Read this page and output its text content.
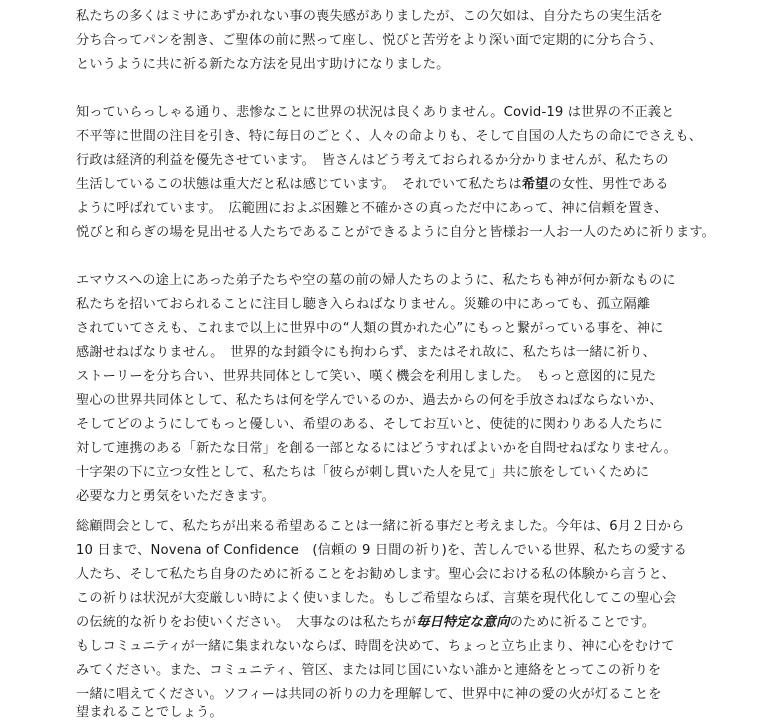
私たちの多くはミサにあずかれない事の喪失感がありましたが、この欠如は、自分たちの実生活を
分ち合ってパンを割き、ご聖体の前に黙って座し、悦びと苦労をより深い面で定期的に分ち合う、
というように共に祈る新たな方法を見出す助けになりました。
知っていらっしゃる通り、悲惨なことに世界の状況は良くありません。Covid-19 は世界の不正義と
不平等に世間の注目を引き、特に毎日のごとく、人々の命よりも、そして自国の人たちの命にでさえも、
行政は経済的利益を優先させています。　皆さんはどう考えておられるか分かりませんが、私たちの
生活しているこの状態は重大だと私は感じています。　それでいて私たちは希望の女性、男性である
ように呼ばれています。　広範囲におよぶ困難と不確かさの真っただ中にあって、神に信頼を置き、
悦びと和らぎの場を見出せる人たちであることができるように自分と皆様お一人お一人のために祈ります。
エマウスへの途上にあった弟子たちや空の墓の前の婦人たちのように、私たちも神が何か新なものに
私たちを招いておられることに注目し聴き入らねばなりません。災難の中にあっても、孤立隔離
されていてさえも、これまで以上に世界中の“人類の貫かれた心”にもっと繋がっている事を、神に
感謝せねばなりません。　世界的な封鎖令にも拘わらず、またはそれ故に、私たちは一緒に祈り、
ストーリーを分ち合い、世界共同体として笑い、嘆く機会を利用しました。　もっと意図的に見た
聖心の世界共同体として、私たちは何を学んでいるのか、過去からの何を手放さねばならないか、
そしてどのようにしてもっと優しい、希望のある、そしてお互いと、使徒的に関わりある人たちに
対して連携のある「新たな日常」を創る一部となるにはどうすればよいかを自問せねばなりません。
十字架の下に立つ女性として、私たちは「彼らが刺し貫いた人を見て」共に旅をしていくために
必要な力と勇気をいただきます。
総顧問会として、私たちが出来る希望あることは一緒に祈る事だと考えました。今年は、6月２日から
10 日まで、Novena of Confidence　(信頼の 9 日間の祈り)を、苦しんでいる世界、私たちの愛する
人たち、そして私たち自身のために祈ることをお勧めします。聖心会における私の体験から言うと、
この祈りは状況が大変厳しい時によく使いました。もしご希望ならば、言葉を現代化してこの聖心会
の伝統的な祈りをお使いください。　大事なのは私たちが毎日特定な意向のために祈ることです。
もしコミュニティが一緒に集まれないならば、時間を決めて、ちょっと立ち止まり、神に心をむけて
みてください。また、コミュニティ、管区、または同じ国にいない誰かと連絡をとってこの祈りを
一緒に唱えてください。ソフィーは共同の祈りの力を理解して、世界中に神の愛の火が灯ることを
望まれることでしょう。
